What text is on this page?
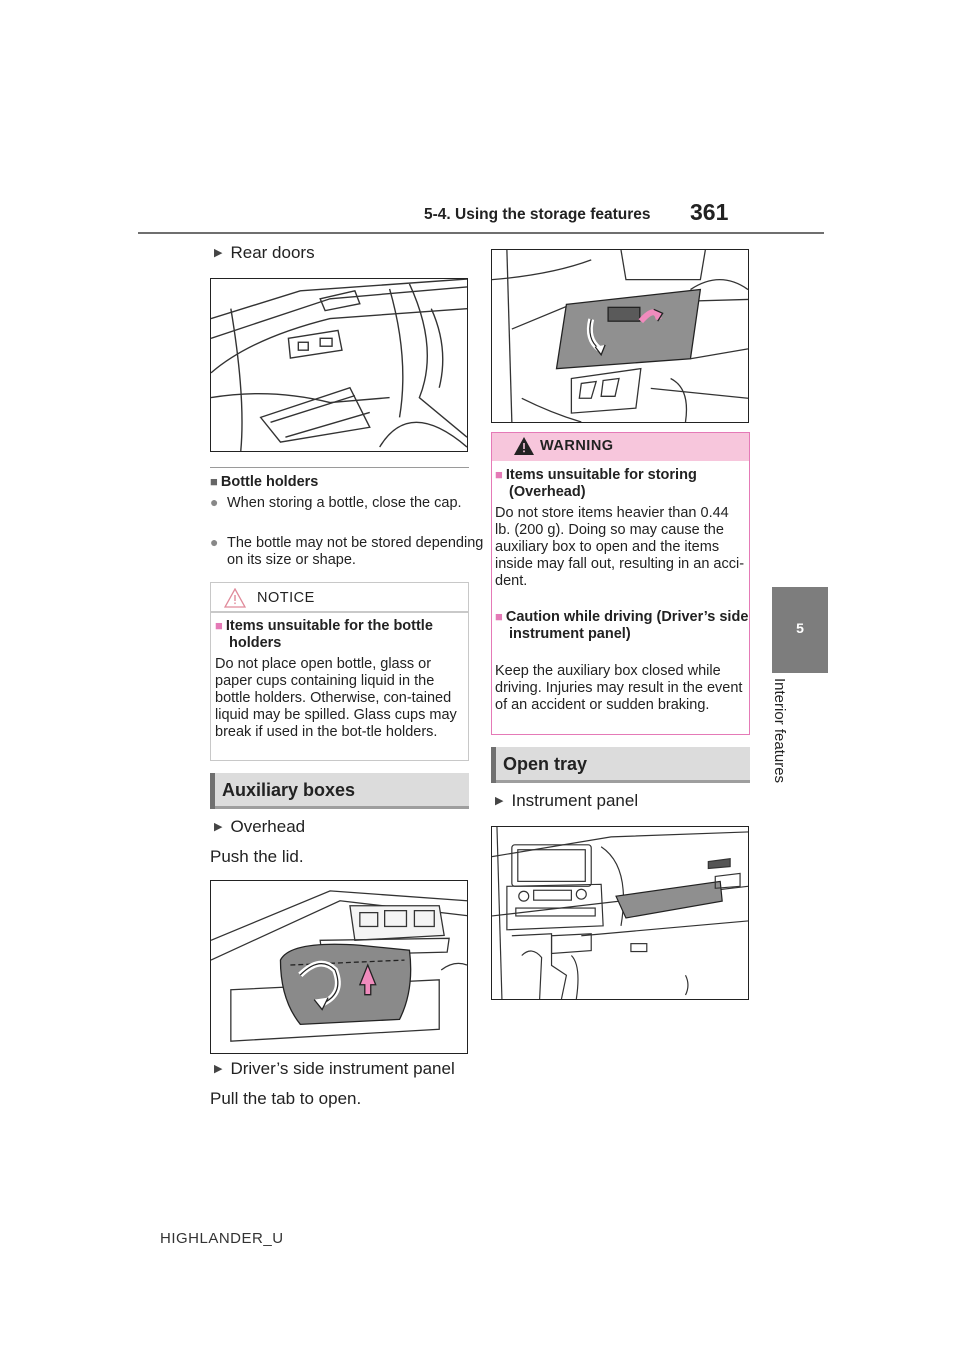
5-4. Using the storage features	361
5
Interior features
▶ Rear doors
■ Bottle holders
● When storing a bottle, close the cap.
● The bottle may not be stored depending on its size or shape.
NOTICE
■ Items unsuitable for the bottle holders
Do not place open bottle, glass or paper cups containing liquid in the bottle holders. Otherwise, con-tained liquid may be spilled. Glass cups may break if used in the bot-tle holders.
Auxiliary boxes
▶ Overhead
Push the lid.
▶ Driver’s side instrument panel
Pull the tab to open.
WARNING
■ Items unsuitable for storing (Overhead)
Do not store items heavier than 0.44 lb. (200 g). Doing so may cause the auxiliary box to open and the items inside may fall out, resulting in an acci-dent.
■ Caution while driving (Driver’s side instrument panel)
Keep the auxiliary box closed while driving. Injuries may result in the event of an accident or sudden braking.
Open tray
▶ Instrument panel
HIGHLANDER_U
